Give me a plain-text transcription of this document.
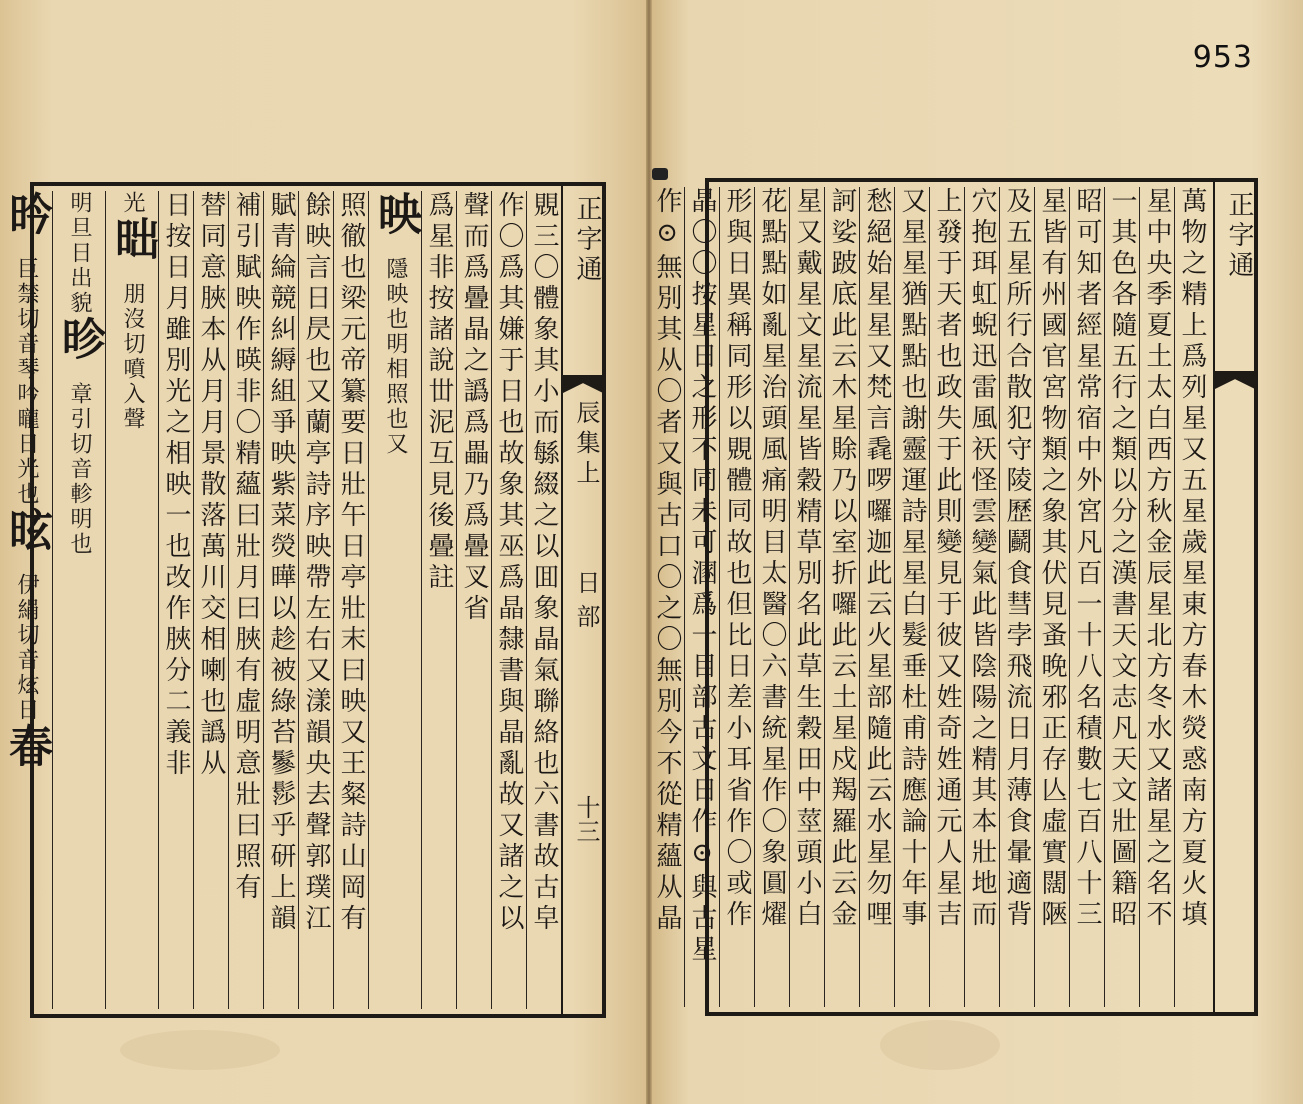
953
正字通
辰集上
日部
十三
覞三〇體象其小而緐綴之以囬象晶氣聯絡也六書故古皁
作〇爲其嫌于日也故象其巫爲晶隸書與晶亂故又諸之以
聲而爲曡晶之譌爲畾乃爲曡叉省
爲星非按諸說丗泥互見後曡註
映隱映也明相照也又
照徹也梁元帝纂要日壯午日亭壯末曰映又王粲詩山岡有
餘映言日昃也又蘭亭詩序映帶左右又漾韻央去聲郭璞江
賦青綸競糾縟組爭映紫菜熒曄以趁被綠苔鬖髿乎研上韻
補引賦映作暎非〇精蘊曰壯月曰脥有虛明意壯曰照有
替同意脥本从月月景散落萬川交相喇也譌从
日按日月雖別光之相映一也改作脥分二義非
光昢朋沒切噴入聲
明旦日出貌昣章引切音軫明也
昑巨禁切音琴吟曨日光也昡伊絹切音炫日春
正字通
萬物之精上爲列星又五星歲星東方春木熒惑南方夏火填
星中央季夏土太白西方秋金辰星北方冬水又諸星之名不
一其色各隨五行之類以分之漢書天文志凡天文壯圖籍昭
昭可知者經星常宿中外宮凡百一十八名積數七百八十三
星皆有州國官宮物類之象其伏見蚤晚邪正存亾虛實闊陿
及五星所行合散犯守陵歷鬬食彗孛飛流日月薄食暈適背
穴抱珥虹蜺迅雷風祆怪雲變氣此皆陰陽之精其本壯地而
上發于天者也政失于此則變見于彼又姓奇姓通元人星吉
又星星猶點點也謝靈運詩星星白髮垂杜甫詩應論十年事
愁絕始星星又梵言毳啰囉迦此云火星部隨此云水星勿哩
訶娑跛底此云木星賖乃以室折囉此云土星戍羯羅此云金
星又戴星文星流星皆穀精草別名此草生穀田中莖頭小白
花點點如亂星治頭風痛明目太醫〇六書統星作〇象圓燿
形與日異稱同形以覞體同故也但比日差小耳省作〇或作
晶〇〇按星日之形不同未可溷爲一目部古文日作⊙與古星
作⊙無別其从〇者又與古口〇之〇無別今不從精蘊从晶
